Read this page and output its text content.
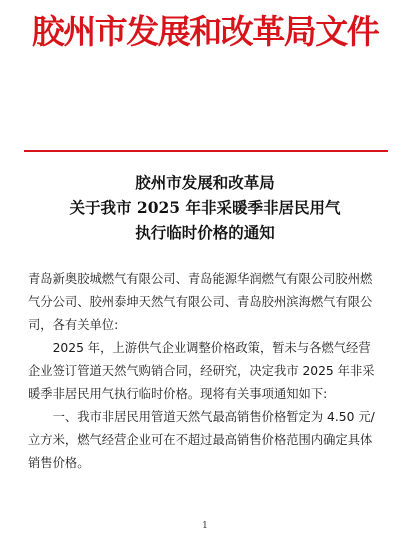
胶州市发展和改革局文件
胶州市发展和改革局
关于我市 2025 年非采暖季非居民用气
执行临时价格的通知

青岛新奥胶城燃气有限公司、青岛能源华润燃气有限公司胶州燃气分公司、胶州泰坤天然气有限公司、青岛胶州滨海燃气有限公司，各有关单位:

2025 年，上游供气企业调整价格政策，暂未与各燃气经营企业签订管道天然气购销合同，经研究，决定我市 2025 年非采暖季非居民用气执行临时价格。现将有关事项通知如下:

一、我市非居民用管道天然气最高销售价格暂定为 4.50 元/立方米，燃气经营企业可在不超过最高销售价格范围内确定具体销售价格。

1
